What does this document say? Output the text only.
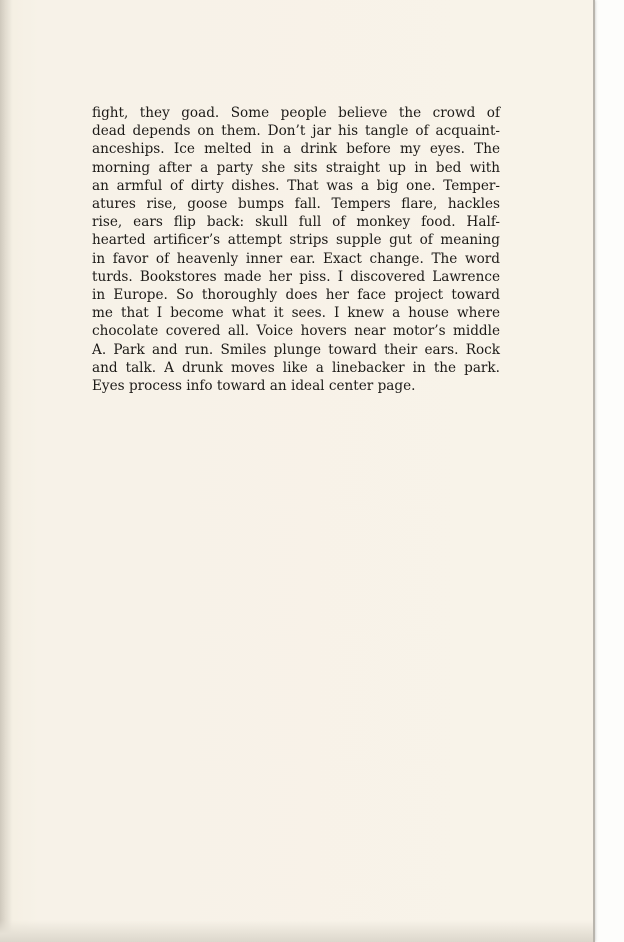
fight, they goad. Some people believe the crowd of
dead depends on them. Don’t jar his tangle of acquaint-
anceships. Ice melted in a drink before my eyes. The
morning after a party she sits straight up in bed with
an armful of dirty dishes. That was a big one. Temper-
atures rise, goose bumps fall. Tempers flare, hackles
rise, ears flip back: skull full of monkey food. Half-
hearted artificer’s attempt strips supple gut of meaning
in favor of heavenly inner ear. Exact change. The word
turds. Bookstores made her piss. I discovered Lawrence
in Europe. So thoroughly does her face project toward
me that I become what it sees. I knew a house where
chocolate covered all. Voice hovers near motor’s middle
A. Park and run. Smiles plunge toward their ears. Rock
and talk. A drunk moves like a linebacker in the park.
Eyes process info toward an ideal center page.
